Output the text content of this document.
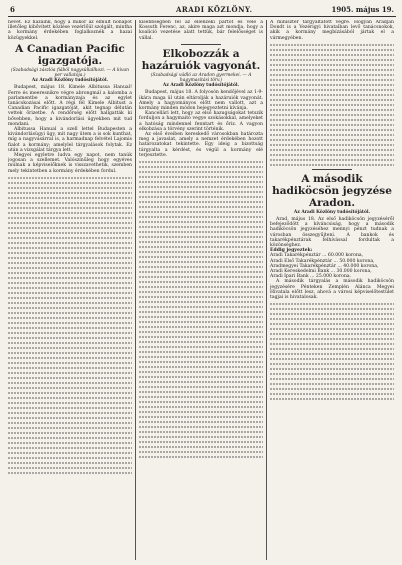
6	ARADI KÖZLÖNY.	1905. május 19.

nevét. Ez házaink, hogy a mikor az elmúlt hónapot illetőleg kibővített közlése vezérlőül szolgált, mintha a kormány érdekében foglalkoznék a hazai közügyekkel.

A Canadian Pacific igazgatója.

(Szabadsági zászlóa fiából nagysüllallkozi. — A kivan per vallatója.)

Az Aradi Közlöny tudósítójától.

Budapest, május 18. Kimele Albitussa Hanual! Ferre és meeresnikre végre abrongmál a kalomba a parlamentbe a kormányzaja és az egylet tanácskozásai előtt. A régi fél Kimele Albitust a Canadian Pacific igazgatóját, akit tegnap délután vettek őrizetbe. A rendőrség előtt hallgatták ki bővebben, hogy a kivándorlási ügyekben mit tud mondani.

Albitussa Hanual a szell lettel Budapesten a kivándorlásügyi ügy, mit nagy ütem a is sok kunthat, míg a nagyvásárral is, a harmadnap felvétel Lajomis fialot a kormány; amelylel tárgyalások folytak. Ez után a vizsgálat tárgya lett.

Megyei egyletre ludva egy napot, nem tanúk jogosan a szellemet. Valószínűleg hogy egyéves múlnak a képviselőknek is visszavethetik, szemben mely tekintetben a kormány érdekében fordul.

kisebbségben fel az ellenzéki pártot és vele a Kossuth Ferenc, az, akire maga azt mondja, hogy a koalíció vezetése alatt tettük, bár felelősséget is vállal.

Elkobozzák a hazáruiók vagyonát.

(Szabadsági vádló az Aradon gyermekei. — A hagymasitási törv.)

Az Aradi Közlöny tudósítójától.

Budapest, május 18. A folyosón kendőjével az 1-9-ikára maga ül után eltárolják a hazáruiók vagyonát. Amely a hagyományos előtt nem vallott, azt a kormány minden módon bejegyeztetni kívánja.

Kancellári lett, hogy az első hazugságokat tetszik forduljon a hagymaitó vegye szokásokkal, amelyeket a hatóság mindennel fenntart és őriz. A vagyon elkobzása a törvény szerint történik.

Az első éveiben kereskedő városokban határozta meg a javaslat, amely a nemzet érdekében hozott határozatokat tekintette. Egy ideig a bizottság tárgyalta a kérdést, és végül a kormány elé terjesztette.

A miniszter tárgyaltatott végre. Hogyan Aradján Dondt is a Vezérigyi hivatalban levő tanácsnokok, akik a kormány megbízásából jártak el a vármegyében.

A második hadiköcsön jegyzése Aradon.

Az Aradi Közlöny tudósítójától.

Arad, május 18. Az első hadiköcsön jegyzéséről befejeződött a kíváncsiság, hogy a második hadiköcsön jegyzéséhez mennyi pénzt tudnak a városban összegyűjteni. A bankok és takarékpénztárak felhívással fordultak a közönséghez.

Eddig jegyeztek:

Aradi Takarékpénztár ... 60.000 korona,

Aradi Első Takarékpénztár ... 50.000 korona,

Aradmegyei Takarékpénztár ... 40.000 korona,

Aradi Kereskedelmi Bank ... 30.000 korona,

Aradi Ipari Bank ... 25.000 korona.

A második tárgyalás a második hadiköcsön jegyzésére Pénteken Zemplén Alánca Megyei Hivatala előtt lesz, ahová a városi képviselőtestület tagjai is hivatalosak.
